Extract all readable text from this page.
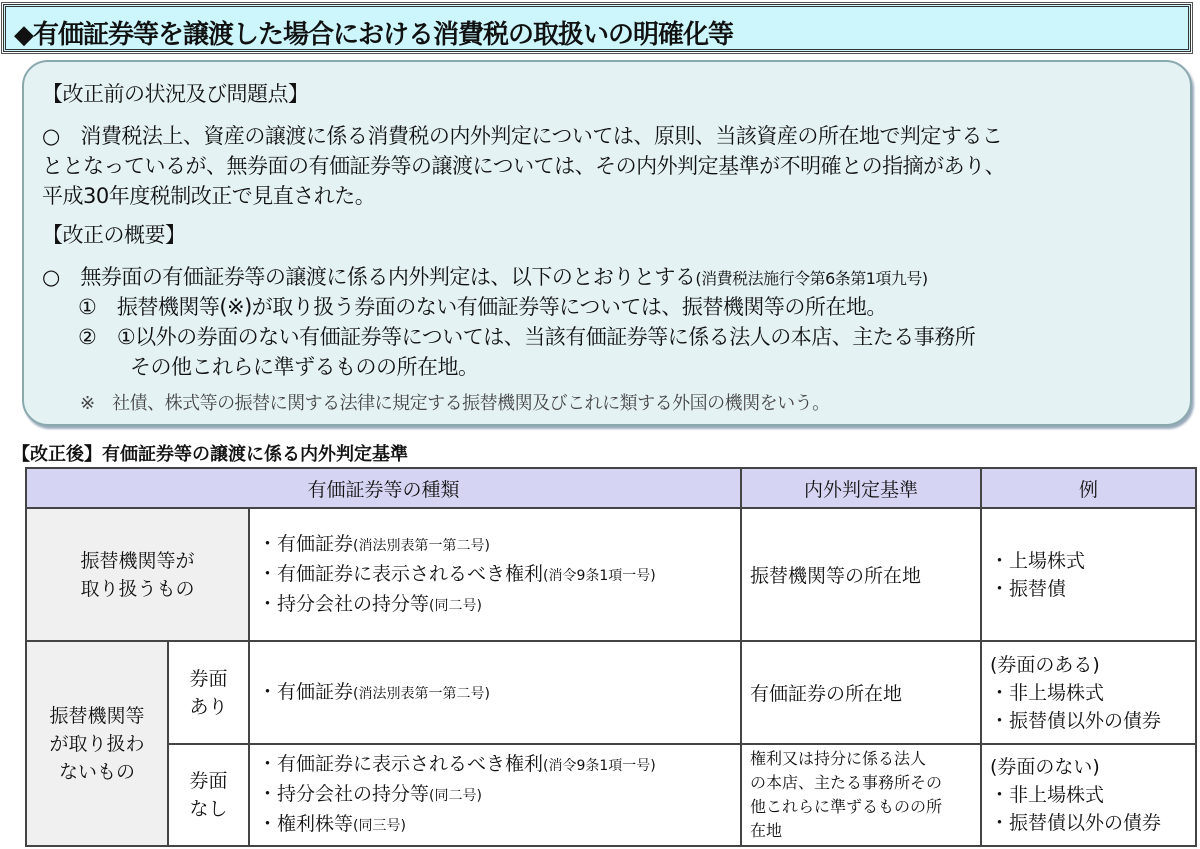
◆有価証券等を譲渡した場合における消費税の取扱いの明確化等
【改正前の状況及び問題点】
○　消費税法上、資産の譲渡に係る消費税の内外判定については、原則、当該資産の所在地で判定するこ
ととなっているが、無券面の有価証券等の譲渡については、その内外判定基準が不明確との指摘があり、
平成30年度税制改正で見直された。
【改正の概要】
○　無券面の有価証券等の譲渡に係る内外判定は、以下のとおりとする(消費税法施行令第6条第1項九号)
①　振替機関等(※)が取り扱う券面のない有価証券等については、振替機関等の所在地。
②　①以外の券面のない有価証券等については、当該有価証券等に係る法人の本店、主たる事務所
その他これらに準ずるものの所在地。
※　社債、株式等の振替に関する法律に規定する振替機関及びこれに類する外国の機関をいう。
【改正後】有価証券等の譲渡に係る内外判定基準
有価証券等の種類			内外判定基準	例

振替機関等が
取り扱うもの		・有価証券(消法別表第一第二号)
・有価証券に表示されるべき権利(消令9条1項一号)
・持分会社の持分等(同二号)	振替機関等の所在地	・上場株式
・振替債

振替機関等
が取り扱わ
ないもの	券面
あり	・有価証券(消法別表第一第二号)	有価証券の所在地	(券面のある)
・非上場株式
・振替債以外の債券

	券面
なし	・有価証券に表示されるべき権利(消令9条1項一号)
・持分会社の持分等(同二号)
・権利株等(同三号)	権利又は持分に係る法人
の本店、主たる事務所その
他これらに準ずるものの所
在地	(券面のない)
・非上場株式
・振替債以外の債券
